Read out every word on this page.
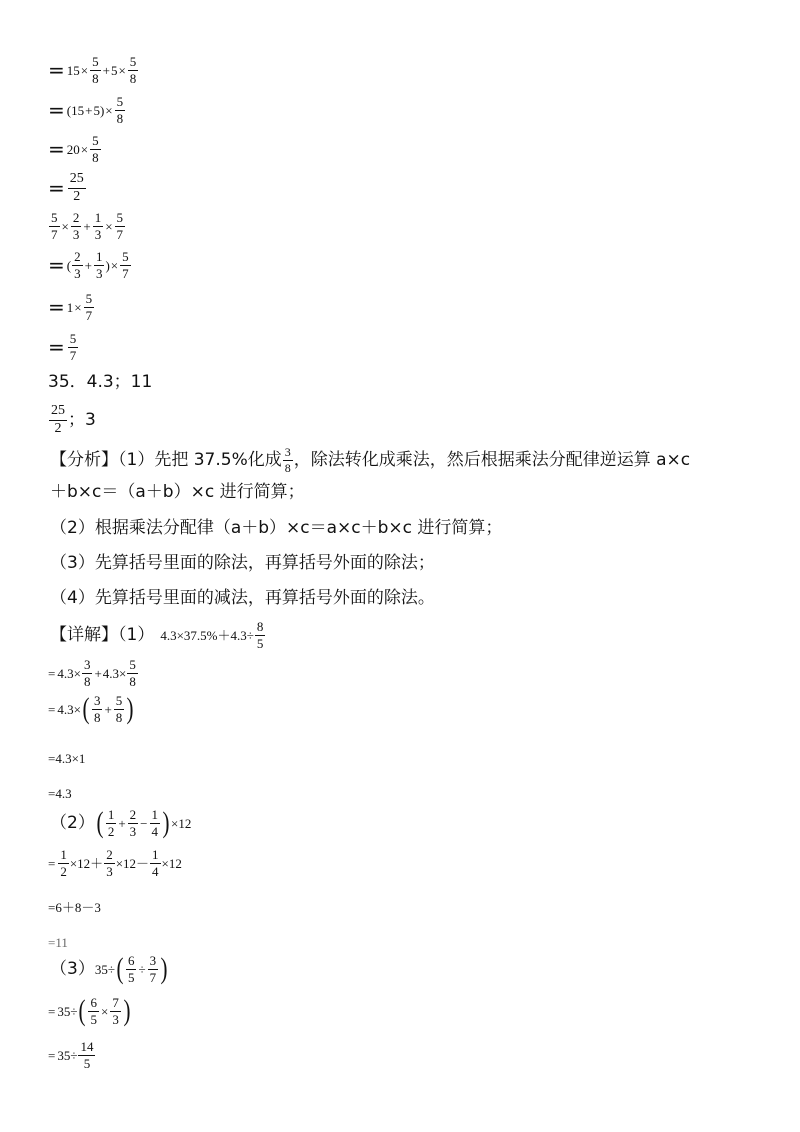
= $15 \times \frac{5}{8} + 5 \times \frac{5}{8}$
= $(15 + 5) \times \frac{5}{8}$
= $20 \times \frac{5}{8}$
= $\frac{25}{2}$
$\frac{5}{7} \times \frac{2}{3} + \frac{1}{3} \times \frac{5}{7}$
= ( $\frac{2}{3} + \frac{1}{3}$ ) × $\frac{5}{7}$
= $1 \times \frac{5}{7}$
= $\frac{5}{7}$
35．4.3；11
$\frac{25}{2}$ ；3
【分析】（1）先把 37.5%化成 $\frac{3}{8}$ ，除法转化成乘法，然后根据乘法分配律逆运算 a×c
＋b×c＝（a＋b）×c 进行简算；
（2）根据乘法分配律（a＋b）×c＝a×c＋b×c 进行简算；
（3）先算括号里面的除法，再算括号外面的除法；
（4）先算括号里面的减法，再算括号外面的除法。
【详解】（1） $4.3\times 37.5\%+4.3\div \frac{8}{5}$
= $4.3\times \frac{3}{8} + 4.3\times \frac{5}{8}$
= 4.3× ( $\frac{3}{8} + \frac{5}{8}$ )
=4.3×1
=4.3
（2） ( $\frac{1}{2} + \frac{2}{3} - \frac{1}{4}$ ) ×12
= $\frac{1}{2} \times 12+ \frac{2}{3} \times 12- \frac{1}{4} \times 12$
=6＋8－3
=11
（3） 35÷ ( $\frac{6}{5} \div \frac{3}{7}$ )
= 35÷ ( $\frac{6}{5} \times \frac{7}{3}$ )
= $35\div \frac{14}{5}$
